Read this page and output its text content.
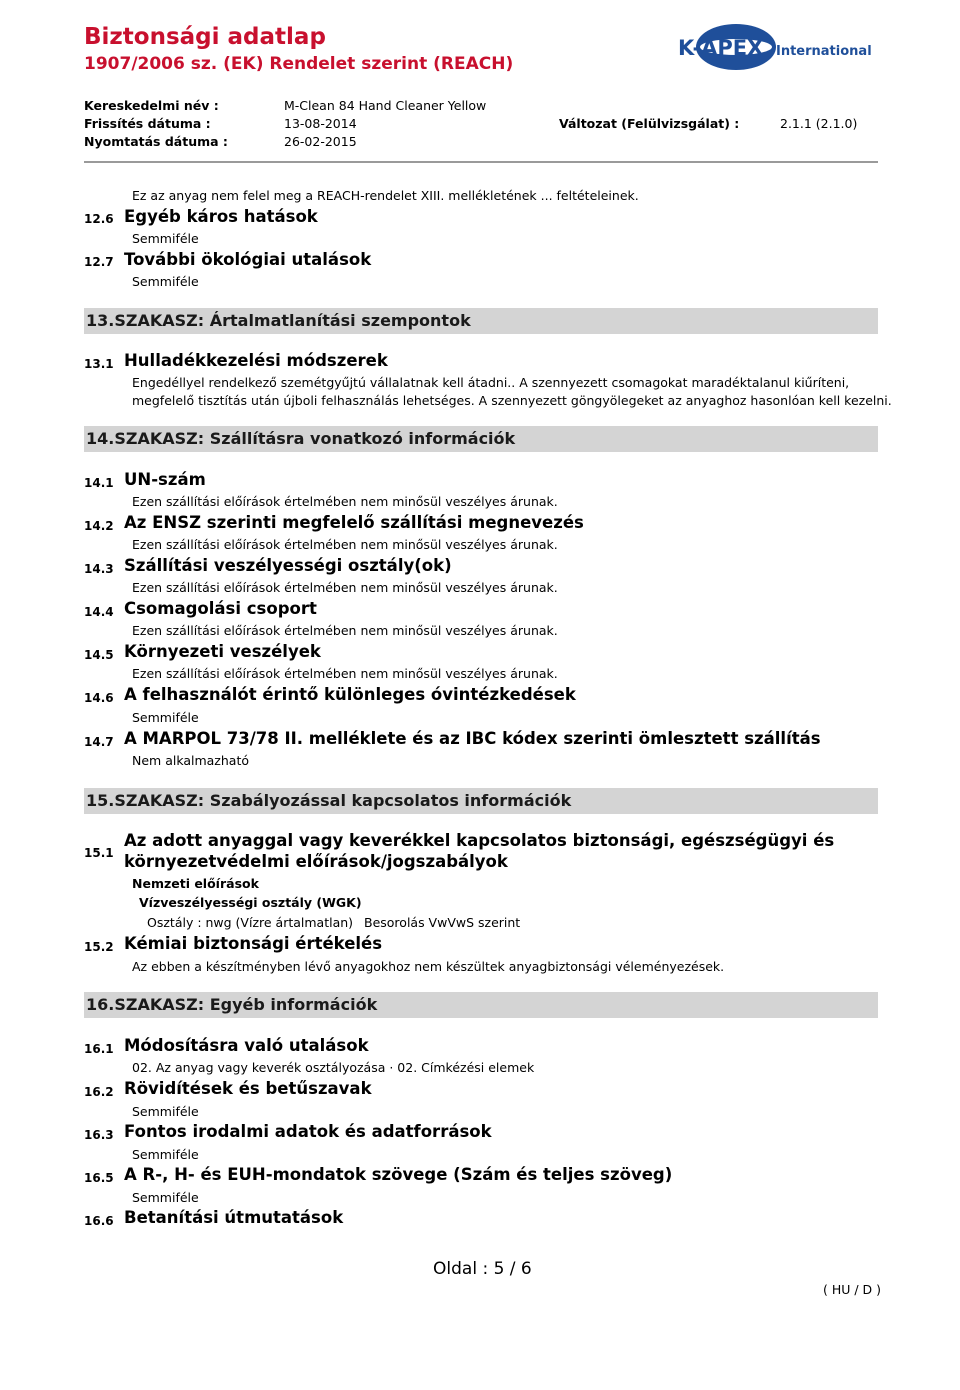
Biztonsági adatlap
1907/2006 sz. (EK) Rendelet szerint (REACH)
K-APEX International
Kereskedelmi név :	M-Clean 84 Hand Cleaner Yellow
Frissítés dátuma :	13-08-2014	Változat (Felülvizsgálat) :	2.1.1 (2.1.0)
Nyomtatás dátuma :	26-02-2015
Ez az anyag nem felel meg a REACH-rendelet XIII. mellékletének ... feltételeinek.
12.6 Egyéb káros hatások
Semmiféle
12.7 További ökológiai utalások
Semmiféle
13.SZAKASZ: Ártalmatlanítási szempontok
13.1 Hulladékkezelési módszerek
Engedéllyel rendelkező szemétgyűjtú vállalatnak kell átadni.. A szennyezett csomagokat maradéktalanul kiűríteni,
megfelelő tisztítás után újboli felhasználás lehetséges. A szennyezett göngyölegeket az anyaghoz hasonlóan kell kezelni.
14.SZAKASZ: Szállításra vonatkozó információk
14.1 UN-szám
Ezen szállítási előírások értelmében nem minősül veszélyes árunak.
14.2 Az ENSZ szerinti megfelelő szállítási megnevezés
Ezen szállítási előírások értelmében nem minősül veszélyes árunak.
14.3 Szállítási veszélyességi osztály(ok)
Ezen szállítási előírások értelmében nem minősül veszélyes árunak.
14.4 Csomagolási csoport
Ezen szállítási előírások értelmében nem minősül veszélyes árunak.
14.5 Környezeti veszélyek
Ezen szállítási előírások értelmében nem minősül veszélyes árunak.
14.6 A felhasználót érintő különleges óvintézkedések
Semmiféle
14.7 A MARPOL 73/78 II. melléklete és az IBC kódex szerinti ömlesztett szállítás
Nem alkalmazható
15.SZAKASZ: Szabályozással kapcsolatos információk
15.1
Az adott anyaggal vagy keverékkel kapcsolatos biztonsági, egészségügyi és
környezetvédelmi előírások/jogszabályok
Nemzeti előírások
Vízveszélyességi osztály (WGK)
Osztály : nwg (Vízre ártalmatlan) Besorolás VwVwS szerint
15.2 Kémiai biztonsági értékelés
Az ebben a készítményben lévő anyagokhoz nem készültek anyagbiztonsági véleményezések.
16.SZAKASZ: Egyéb információk
16.1 Módosításra való utalások
02. Az anyag vagy keverék osztályozása · 02. Címkézési elemek
16.2 Rövidítések és betűszavak
Semmiféle
16.3 Fontos irodalmi adatok és adatforrások
Semmiféle
16.5 A R-, H- és EUH-mondatok szövege (Szám és teljes szöveg)
Semmiféle
16.6 Betanítási útmutatások
Oldal : 5 / 6
( HU / D )
